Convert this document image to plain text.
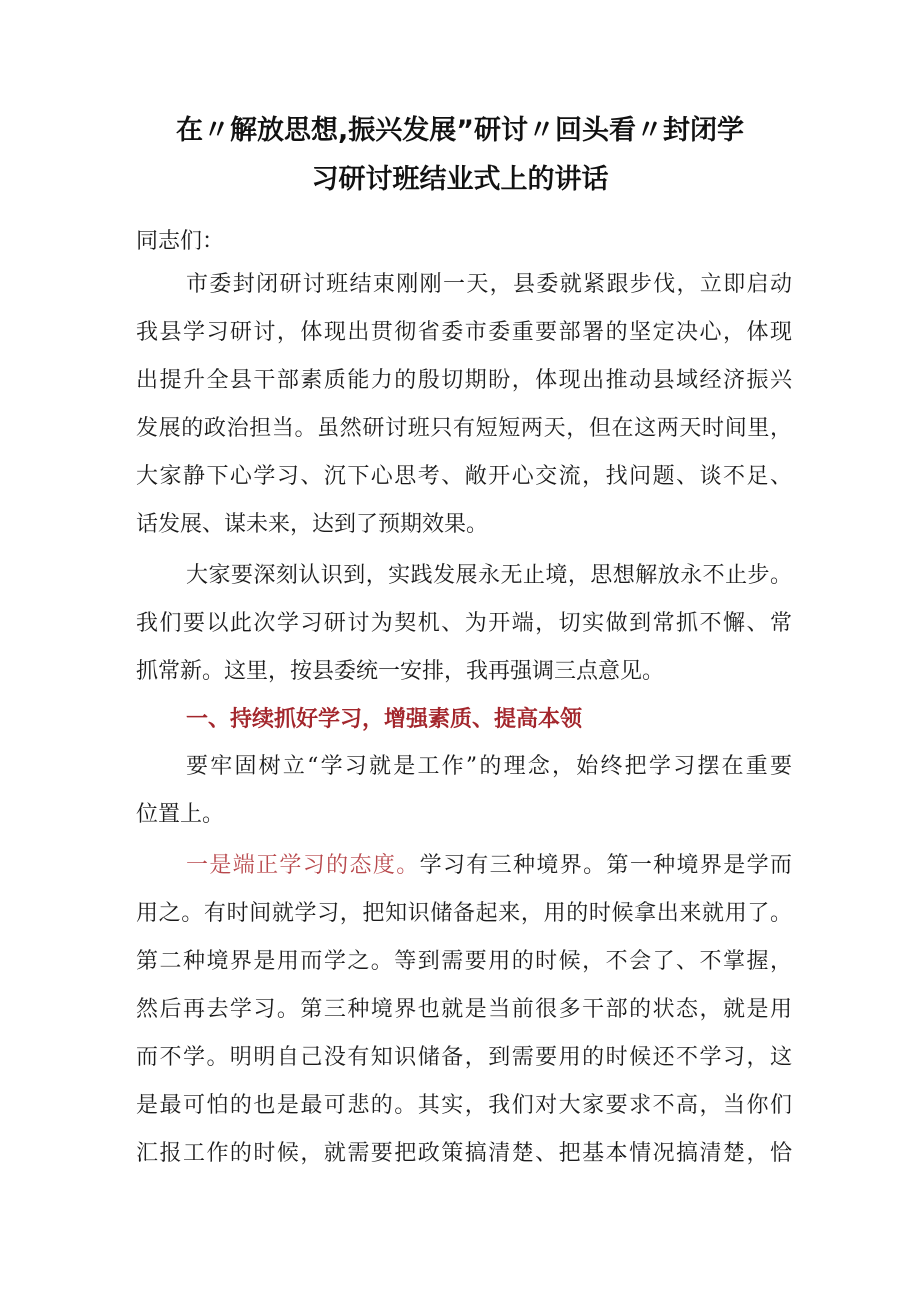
在〃解放思想,振兴发展”研讨〃回头看〃封闭学
习研讨班结业式上的讲话
同志们：
市委封闭研讨班结束刚刚一天，县委就紧跟步伐，立即启动
我县学习研讨，体现出贯彻省委市委重要部署的坚定决心，体现
出提升全县干部素质能力的殷切期盼，体现出推动县域经济振兴
发展的政治担当。虽然研讨班只有短短两天，但在这两天时间里，
大家静下心学习、沉下心思考、敞开心交流，找问题、谈不足、
话发展、谋未来，达到了预期效果。
大家要深刻认识到，实践发展永无止境，思想解放永不止步。
我们要以此次学习研讨为契机、为开端，切实做到常抓不懈、常
抓常新。这里，按县委统一安排，我再强调三点意见。
一、持续抓好学习，增强素质、提高本领
要牢固树立“学习就是工作”的理念，始终把学习摆在重要
位置上。
一是端正学习的态度。学习有三种境界。第一种境界是学而
用之。有时间就学习，把知识储备起来，用的时候拿出来就用了。
第二种境界是用而学之。等到需要用的时候，不会了、不掌握，
然后再去学习。第三种境界也就是当前很多干部的状态，就是用
而不学。明明自己没有知识储备，到需要用的时候还不学习，这
是最可怕的也是最可悲的。其实，我们对大家要求不高，当你们
汇报工作的时候，就需要把政策搞清楚、把基本情况搞清楚，恰
